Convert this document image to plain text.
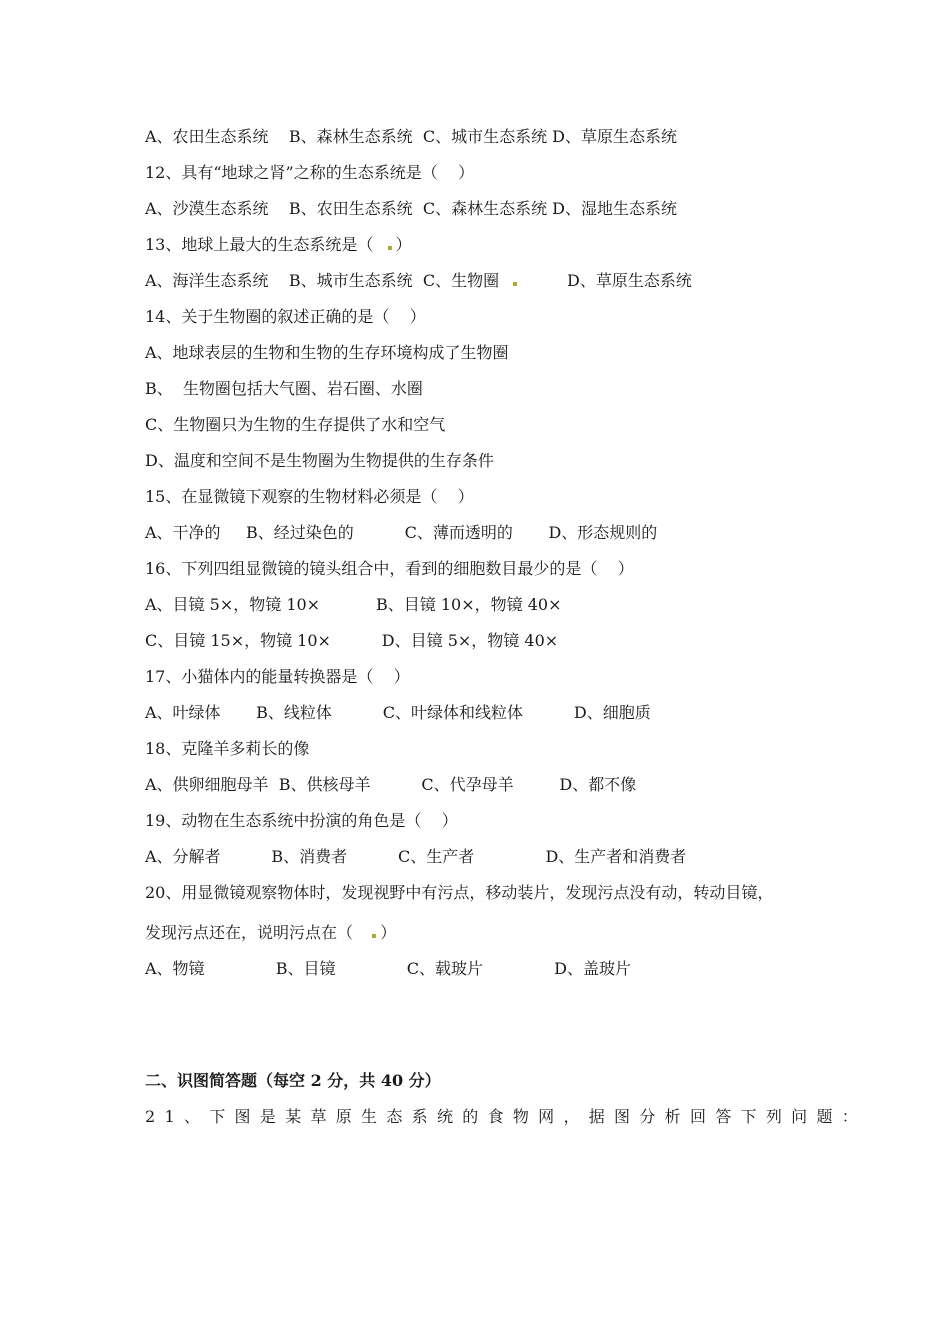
A、农田生态系统    B、森林生态系统  C、城市生态系统 D、草原生态系统
12、具有“地球之肾”之称的生态系统是（    ）
A、沙漠生态系统    B、农田生态系统  C、森林生态系统 D、湿地生态系统
13、地球上最大的生态系统是（ ）
A、海洋生态系统    B、城市生态系统  C、生物圈	D、草原生态系统
14、关于生物圈的叙述正确的是（    ）
A、地球表层的生物和生物的生存环境构成了生物圈
B、  生物圈包括大气圈、岩石圈、水圈
C、生物圈只为生物的生存提供了水和空气
D、温度和空间不是生物圈为生物提供的生存条件
15、在显微镜下观察的生物材料必须是（    ）
A、干净的     B、经过染色的          C、薄而透明的       D、形态规则的
16、下列四组显微镜的镜头组合中，看到的细胞数目最少的是（    ）
A、目镜 5×，物镜 10×           B、目镜 10×，物镜 40×
C、目镜 15×，物镜 10×          D、目镜 5×，物镜 40×
17、小猫体内的能量转换器是（    ）
A、叶绿体       B、线粒体          C、叶绿体和线粒体          D、细胞质
18、克隆羊多莉长的像
A、供卵细胞母羊  B、供核母羊          C、代孕母羊         D、都不像
19、动物在生态系统中扮演的角色是（    ）
A、分解者          B、消费者          C、生产者              D、生产者和消费者
20、用显微镜观察物体时，发现视野中有污点，移动装片，发现污点没有动，转动目镜，
发现污点还在，说明污点在（ ）
A、物镜              B、目镜              C、载玻片              D、盖玻片
二、识图简答题（每空 2 分，共 40 分）
21、下图是某草原生态系统的食物网，据图分析回答下列问题：
